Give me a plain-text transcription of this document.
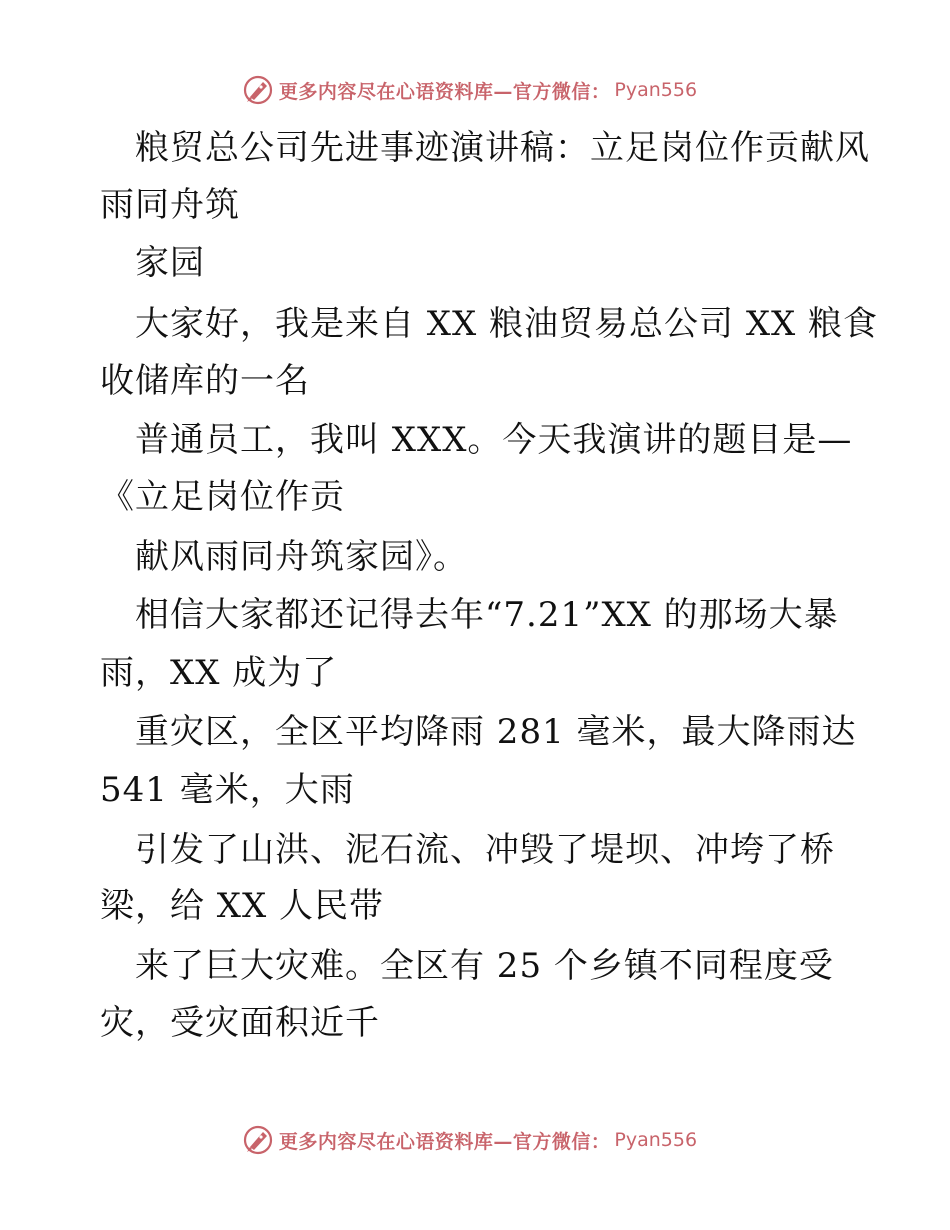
更多内容尽在心语资料库—官方微信： Pyan556
粮贸总公司先进事迹演讲稿：立足岗位作贡献风
雨同舟筑
家园
大家好，我是来自 XX 粮油贸易总公司 XX 粮食
收储库的一名
普通员工，我叫 XXX。今天我演讲的题目是—
《立足岗位作贡
献风雨同舟筑家园》。
相信大家都还记得去年“7.21”XX 的那场大暴
雨，XX 成为了
重灾区，全区平均降雨 281 毫米，最大降雨达
541 毫米，大雨
引发了山洪、泥石流、冲毁了堤坝、冲垮了桥
梁，给 XX 人民带
来了巨大灾难。全区有 25 个乡镇不同程度受
灾，受灾面积近千
更多内容尽在心语资料库—官方微信： Pyan556
